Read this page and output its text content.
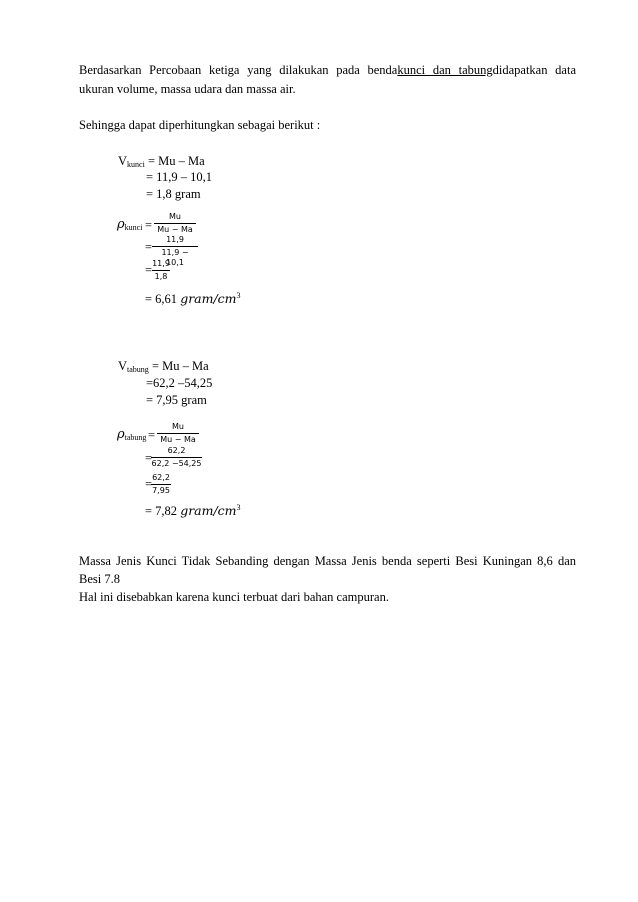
Berdasarkan Percobaan ketiga yang dilakukan pada bendakunci dan tabungdidapatkan data
ukuran volume, massa udara dan massa air.
Sehingga dapat diperhitungkan sebagai berikut :
$V_{kunci} = Mu - Ma$
= 11,9 – 10,1
= 1,8 gram
$\rho_{kunci}$ =
Mu
Mu − Ma
=
11,9
11,9 − 10,1
= 11,9
1,8
= 6,61 gram/$cm^3$
$V_{tabung} = Mu - Ma$
=62,2 –54,25
= 7,95 gram
$\rho_{tabung}$ =
Mu
Mu − Ma
=
62,2
62,2 −54,25
= 62,2
7,95
= 7,82 gram/$cm^3$
Massa Jenis Kunci Tidak Sebanding dengan Massa Jenis benda seperti Besi Kuningan 8,6 dan
Besi 7.8
Hal ini disebabkan karena kunci terbuat dari bahan campuran.
